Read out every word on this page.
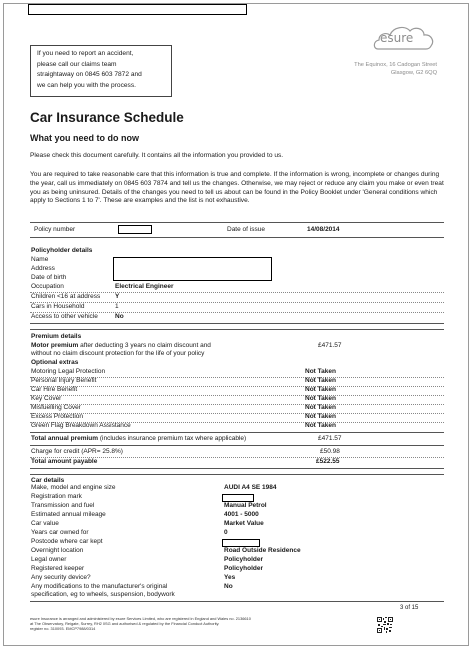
If you need to report an accident,
please call our claims team
straightaway on 0845 603 7872 and
we can help you with the process.
esure
The Equinox, 16 Cadogan Street
Glasgow, G2 6QQ
Car Insurance Schedule
What you need to do now
Please check this document carefully. It contains all the information you provided to us.
You are required to take reasonable care that this information is true and complete. If the information is wrong, incomplete or changes during the year, call us immediately on 0845 603 7874 and tell us the changes. Otherwise, we may reject or reduce any claim you make or even treat you as being uninsured. Details of the changes you need to tell us about can be found in the Policy Booklet under 'General conditions which apply to Sections 1 to 7'. These are examples and the list is not exhaustive.
Policy number	Date of issue	14/08/2014
Policyholder details
Name
Address
Date of birth
Occupation	Electrical Engineer
Children <16 at address Y
Cars in Household	1
Access to other vehicle	No
Premium details
Motor premium after deducting 3 years no claim discount and
without no claim discount protection for the life of your policy
£471.57
Optional extras
Motoring Legal Protection	Not Taken
Personal Injury Benefit	Not Taken
Car Hire Benefit	Not Taken
Key Cover	Not Taken
Misfuelling Cover	Not Taken
Excess Protection	Not Taken
Green Flag Breakdown Assistance	Not Taken
Total annual premium (includes insurance premium tax where applicable)	£471.57
Charge for credit (APR= 25.8%)	£50.98
Total amount payable	£522.55
Car details
Make, model and engine size	AUDI A4 SE 1984
Registration mark
Transmission and fuel	Manual Petrol
Estimated annual mileage	4001 - 5000
Car value	Market Value
Years car owned for	0
Postcode where car kept
Overnight location	Road Outside Residence
Legal owner	Policyholder
Registered keeper	Policyholder
Any security device?	Yes
Any modifications to the manufacturer's original	No
specification, eg to wheels, suspension, bodywork
3 of 15
esure Insurance is arranged and administered by esure Services Limited, who are registered in England and Wales no. 2136610
at The Observatory, Reigate, Surrey, RH2 0SG and authorised & regulated by the Financial Conduct Authority.
register no. 310093. EMCP7988/0314
